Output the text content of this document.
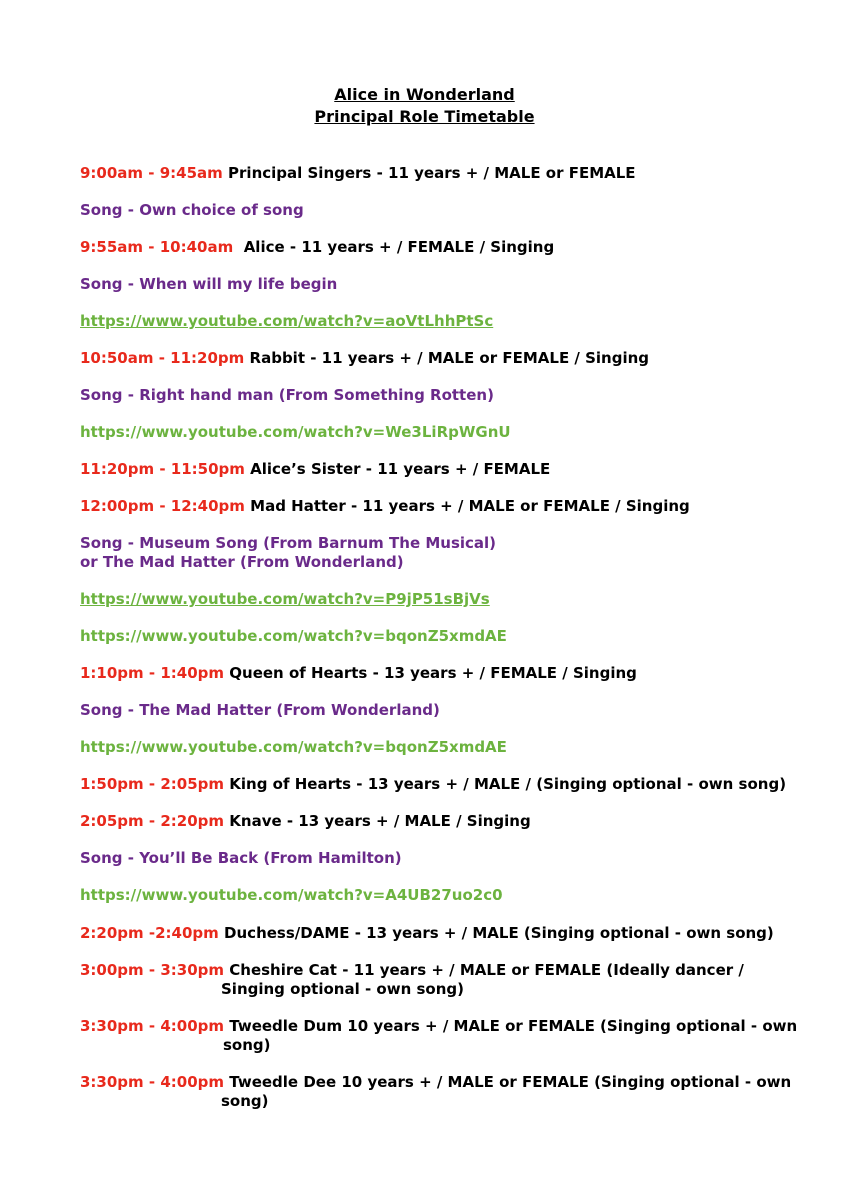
Alice in Wonderland
Principal Role Timetable
9:00am - 9:45am Principal Singers - 11 years + / MALE or FEMALE
Song - Own choice of song
9:55am - 10:40am Alice - 11 years + / FEMALE / Singing
Song - When will my life begin
https://www.youtube.com/watch?v=aoVtLhhPtSc
10:50am - 11:20pm Rabbit - 11 years + / MALE or FEMALE / Singing
Song - Right hand man (From Something Rotten)
https://www.youtube.com/watch?v=We3LiRpWGnU
11:20pm - 11:50pm Alice’s Sister - 11 years + / FEMALE
12:00pm - 12:40pm Mad Hatter - 11 years + / MALE or FEMALE / Singing
Song - Museum Song (From Barnum The Musical)
or The Mad Hatter (From Wonderland)
https://www.youtube.com/watch?v=P9jP51sBjVs
https://www.youtube.com/watch?v=bqonZ5xmdAE
1:10pm - 1:40pm Queen of Hearts - 13 years + / FEMALE / Singing
Song - The Mad Hatter (From Wonderland)
https://www.youtube.com/watch?v=bqonZ5xmdAE
1:50pm - 2:05pm King of Hearts - 13 years + / MALE / (Singing optional - own song)
2:05pm - 2:20pm Knave - 13 years + / MALE / Singing
Song - You’ll Be Back (From Hamilton)
https://www.youtube.com/watch?v=A4UB27uo2c0
2:20pm -2:40pm Duchess/DAME - 13 years + / MALE (Singing optional - own song)
3:00pm - 3:30pm Cheshire Cat - 11 years + / MALE or FEMALE (Ideally dancer /
Singing optional - own song)
3:30pm - 4:00pm Tweedle Dum 10 years + / MALE or FEMALE (Singing optional - own
song)
3:30pm - 4:00pm Tweedle Dee 10 years + / MALE or FEMALE (Singing optional - own
song)
